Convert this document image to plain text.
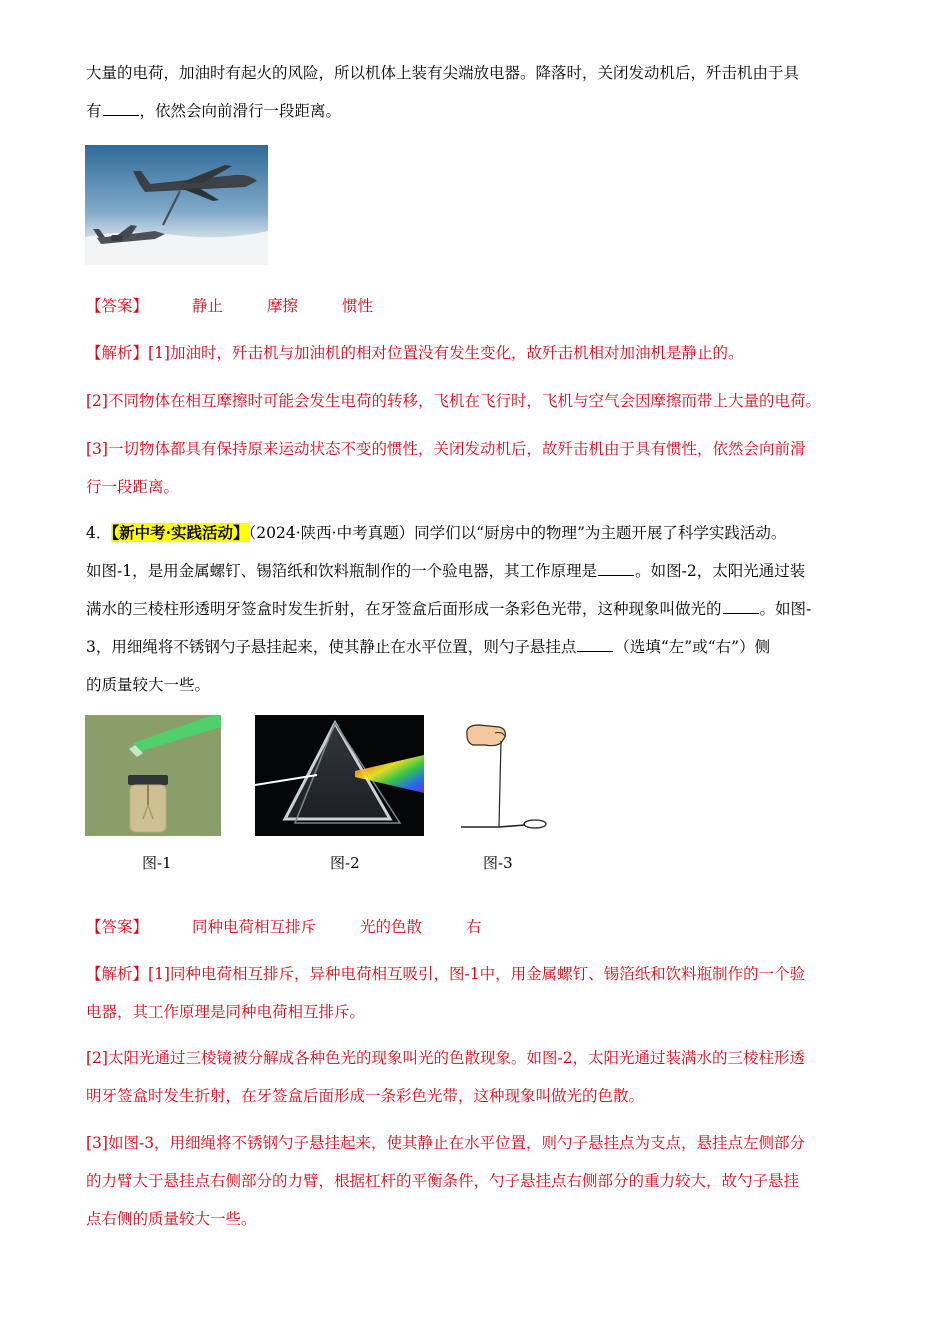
大量的电荷，加油时有起火的风险，所以机体上装有尖端放电器。降落时，关闭发动机后，歼击机由于具
有 ，依然会向前滑行一段距离。
【答案】	静止	摩擦	惯性
【解析】[1]加油时，歼击机与加油机的相对位置没有发生变化，故歼击机相对加油机是静止的。
[2]不同物体在相互摩擦时可能会发生电荷的转移，飞机在飞行时，飞机与空气会因摩擦而带上大量的电荷。
[3]一切物体都具有保持原来运动状态不变的惯性，关闭发动机后，故歼击机由于具有惯性，依然会向前滑
行一段距离。
4．【新中考·实践活动】（2024·陕西·中考真题）同学们以“厨房中的物理”为主题开展了科学实践活动。
如图-1，是用金属螺钉、锡箔纸和饮料瓶制作的一个验电器，其工作原理是 。如图-2，太阳光通过装
满水的三棱柱形透明牙签盒时发生折射，在牙签盒后面形成一条彩色光带，这种现象叫做光的 。如图-
3，用细绳将不锈钢勺子悬挂起来，使其静止在水平位置，则勺子悬挂点 （选填“左”或“右”）侧
的质量较大一些。
图-1	图-2	图-3
【答案】	同种电荷相互排斥	光的色散	右
【解析】[1]同种电荷相互排斥，异种电荷相互吸引，图-1中，用金属螺钉、锡箔纸和饮料瓶制作的一个验
电器，其工作原理是同种电荷相互排斥。
[2]太阳光通过三棱镜被分解成各种色光的现象叫光的色散现象。如图-2，太阳光通过装满水的三棱柱形透
明牙签盒时发生折射，在牙签盒后面形成一条彩色光带，这种现象叫做光的色散。
[3]如图-3，用细绳将不锈钢勺子悬挂起来，使其静止在水平位置，则勺子悬挂点为支点，悬挂点左侧部分
的力臂大于悬挂点右侧部分的力臂，根据杠杆的平衡条件，勺子悬挂点右侧部分的重力较大，故勺子悬挂
点右侧的质量较大一些。
